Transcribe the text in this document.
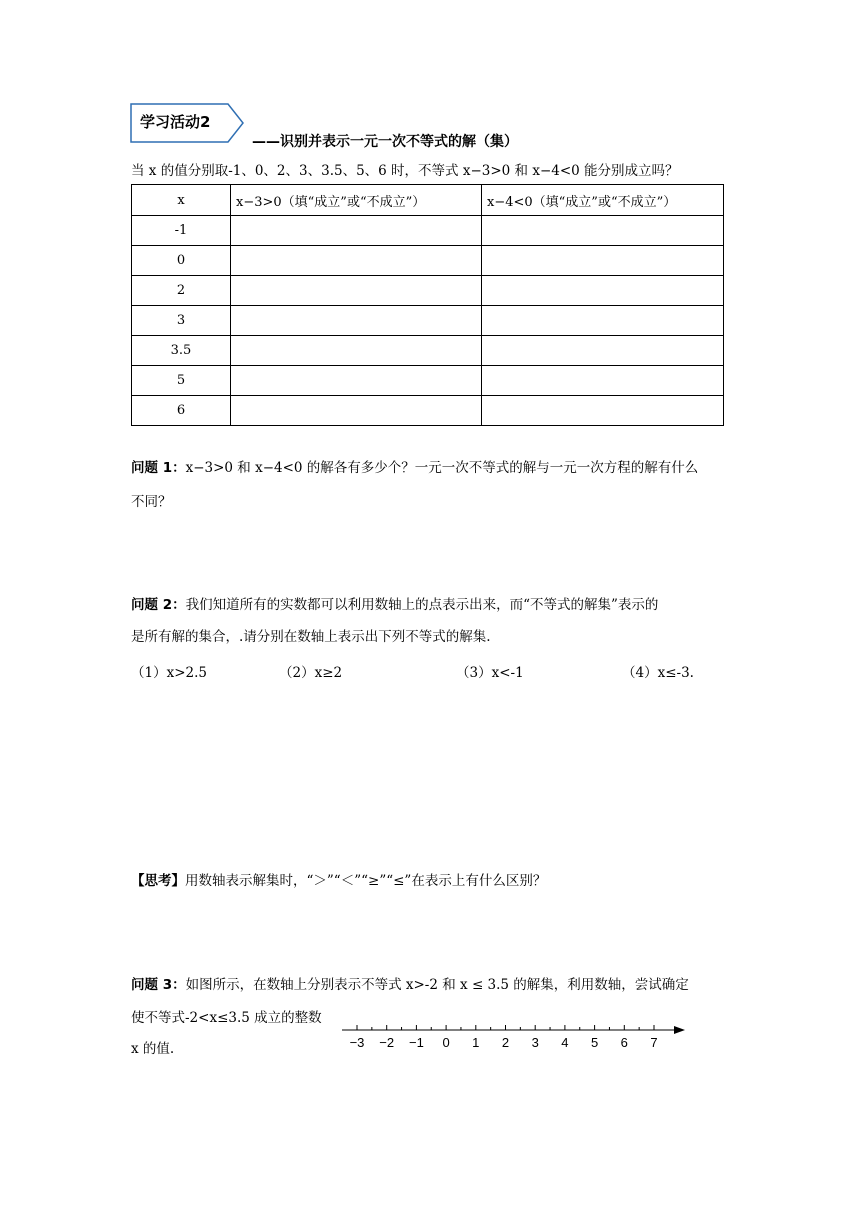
学习活动2
——识别并表示一元一次不等式的解（集）
当 x 的值分别取-1、0、2、3、3.5、5、6 时，不等式 x−3>0 和 x−4<0 能分别成立吗？
x	x−3>0（填“成立”或“不成立”）	x−4<0（填“成立”或“不成立”）
-1		
0		
2		
3		
3.5		
5		
6		
问题 1：x−3>0 和 x−4<0 的解各有多少个？一元一次不等式的解与一元一次方程的解有什么
不同？
问题 2：我们知道所有的实数都可以利用数轴上的点表示出来，而“不等式的解集”表示的
是所有解的集合，.请分别在数轴上表示出下列不等式的解集.
（1）x>2.5	（2）x≥2	（3）x<-1	（4）x≤-3.
【思考】用数轴表示解集时，“＞”“＜”“≥”“≤”在表示上有什么区别？
问题 3：如图所示，在数轴上分别表示不等式 x>-2 和 x ≤ 3.5 的解集，利用数轴，尝试确定
使不等式-2<x≤3.5 成立的整数
x 的值.	−3 −2 −1 0 1 2 3 4 5 6 7
